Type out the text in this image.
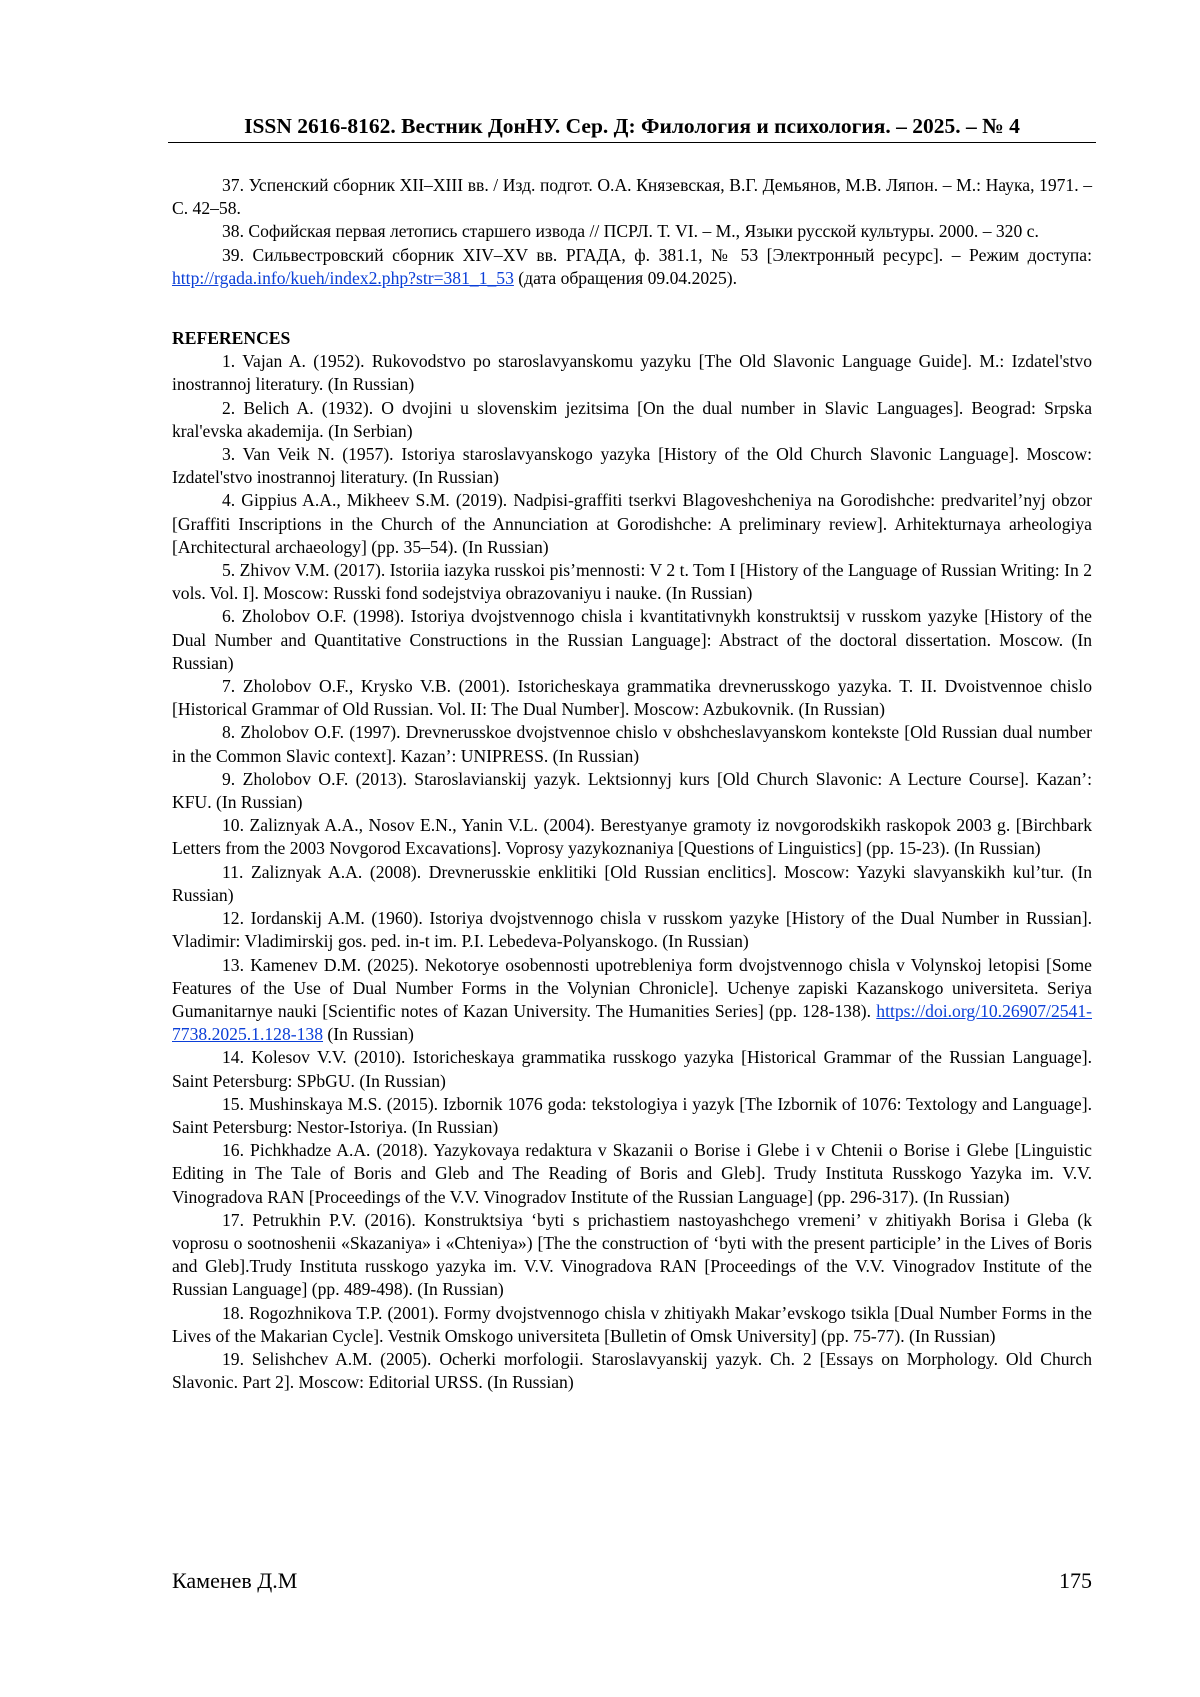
ISSN 2616-8162. Вестник ДонНУ. Сер. Д: Филология и психология. – 2025. – № 4

37. Успенский сборник XII–XIII вв. / Изд. подгот. О.А. Князевская, В.Г. Демьянов, М.В. Ляпон. – М.: Наука, 1971. – С. 42–58.

38. Софийская первая летопись старшего извода // ПСРЛ. Т. VI. – М., Языки русской культуры. 2000. – 320 с.

39. Сильвестровский сборник XIV–XV вв. РГАДА, ф. 381.1, № 53 [Электронный ресурс]. – Режим доступа: http://rgada.info/kueh/index2.php?str=381_1_53 (дата обращения 09.04.2025).

REFERENCES

1. Vajan A. (1952). Rukovodstvo po staroslavyanskomu yazyku [The Old Slavonic Language Guide]. M.: Izdatel'stvo inostrannoj literatury. (In Russian)

2. Belich A. (1932). O dvojini u slovenskim jezitsima [On the dual number in Slavic Languages]. Beograd: Srpska kral'evska akademija. (In Serbian)

3. Van Veik N. (1957). Istoriya staroslavyanskogo yazyka [History of the Old Church Slavonic Language]. Moscow: Izdatel'stvo inostrannoj literatury. (In Russian)

4. Gippius A.A., Mikheev S.M. (2019). Nadpisi-graffiti tserkvi Blagoveshcheniya na Gorodishche: predvaritel’nyj obzor [Graffiti Inscriptions in the Church of the Annunciation at Gorodishche: A preliminary review]. Arhitekturnaya arheologiya [Architectural archaeology] (pp. 35–54). (In Russian)

5. Zhivov V.M. (2017). Istoriia iazyka russkoi pis’mennosti: V 2 t. Tom I [History of the Language of Russian Writing: In 2 vols. Vol. I]. Moscow: Russki fond sodejstviya obrazovaniyu i nauke. (In Russian)

6. Zholobov O.F. (1998). Istoriya dvojstvennogo chisla i kvantitativnykh konstruktsij v russkom yazyke [History of the Dual Number and Quantitative Constructions in the Russian Language]: Abstract of the doctoral dissertation. Moscow. (In Russian)

7. Zholobov O.F., Krysko V.B. (2001). Istoricheskaya grammatika drevnerusskogo yazyka. T. II. Dvoistvennoe chislo [Historical Grammar of Old Russian. Vol. II: The Dual Number]. Moscow: Azbukovnik. (In Russian)

8. Zholobov O.F. (1997). Drevnerusskoe dvojstvennoe chislo v obshcheslavyanskom kontekste [Old Russian dual number in the Common Slavic context]. Kazan’: UNIPRESS. (In Russian)

9. Zholobov O.F. (2013). Staroslavianskij yazyk. Lektsionnyj kurs [Old Church Slavonic: A Lecture Course]. Kazan’: KFU. (In Russian)

10. Zaliznyak A.A., Nosov E.N., Yanin V.L. (2004). Berestyanye gramoty iz novgorodskikh raskopok 2003 g. [Birchbark Letters from the 2003 Novgorod Excavations]. Voprosy yazykoznaniya [Questions of Linguistics] (pp. 15-23). (In Russian)

11. Zaliznyak A.A. (2008). Drevnerusskie enklitiki [Old Russian enclitics]. Moscow: Yazyki slavyanskikh kul’tur. (In Russian)

12. Iordanskij A.M. (1960). Istoriya dvojstvennogo chisla v russkom yazyke [History of the Dual Number in Russian]. Vladimir: Vladimirskij gos. ped. in-t im. P.I. Lebedeva-Polyanskogo. (In Russian)

13. Kamenev D.M. (2025). Nekotorye osobennosti upotrebleniya form dvojstvennogo chisla v Volynskoj letopisi [Some Features of the Use of Dual Number Forms in the Volynian Chronicle]. Uchenye zapiski Kazanskogo universiteta. Seriya Gumanitarnye nauki [Scientific notes of Kazan University. The Humanities Series] (pp. 128-138). https://doi.org/10.26907/2541-7738.2025.1.128-138 (In Russian)

14. Kolesov V.V. (2010). Istoricheskaya grammatika russkogo yazyka [Historical Grammar of the Russian Language]. Saint Petersburg: SPbGU. (In Russian)

15. Mushinskaya M.S. (2015). Izbornik 1076 goda: tekstologiya i yazyk [The Izbornik of 1076: Textology and Language]. Saint Petersburg: Nestor-Istoriya. (In Russian)

16. Pichkhadze A.A. (2018). Yazykovaya redaktura v Skazanii o Borise i Glebe i v Chtenii o Borise i Glebe [Linguistic Editing in The Tale of Boris and Gleb and The Reading of Boris and Gleb]. Trudy Instituta Russkogo Yazyka im. V.V. Vinogradova RAN [Proceedings of the V.V. Vinogradov Institute of the Russian Language] (pp. 296-317). (In Russian)

17. Petrukhin P.V. (2016). Konstruktsiya ‘byti s prichastiem nastoyashchego vremeni’ v zhitiyakh Borisa i Gleba (k voprosu o sootnoshenii «Skazaniya» i «Chteniya») [The the construction of ‘byti with the present participle’ in the Lives of Boris and Gleb].Trudy Instituta russkogo yazyka im. V.V. Vinogradova RAN [Proceedings of the V.V. Vinogradov Institute of the Russian Language] (pp. 489-498). (In Russian)

18. Rogozhnikova T.P. (2001). Formy dvojstvennogo chisla v zhitiyakh Makar’evskogo tsikla [Dual Number Forms in the Lives of the Makarian Cycle]. Vestnik Omskogo universiteta [Bulletin of Omsk University] (pp. 75-77). (In Russian)

19. Selishchev A.M. (2005). Ocherki morfologii. Staroslavyanskij yazyk. Ch. 2 [Essays on Morphology. Old Church Slavonic. Part 2]. Moscow: Editorial URSS. (In Russian)

Каменев Д.М	175
